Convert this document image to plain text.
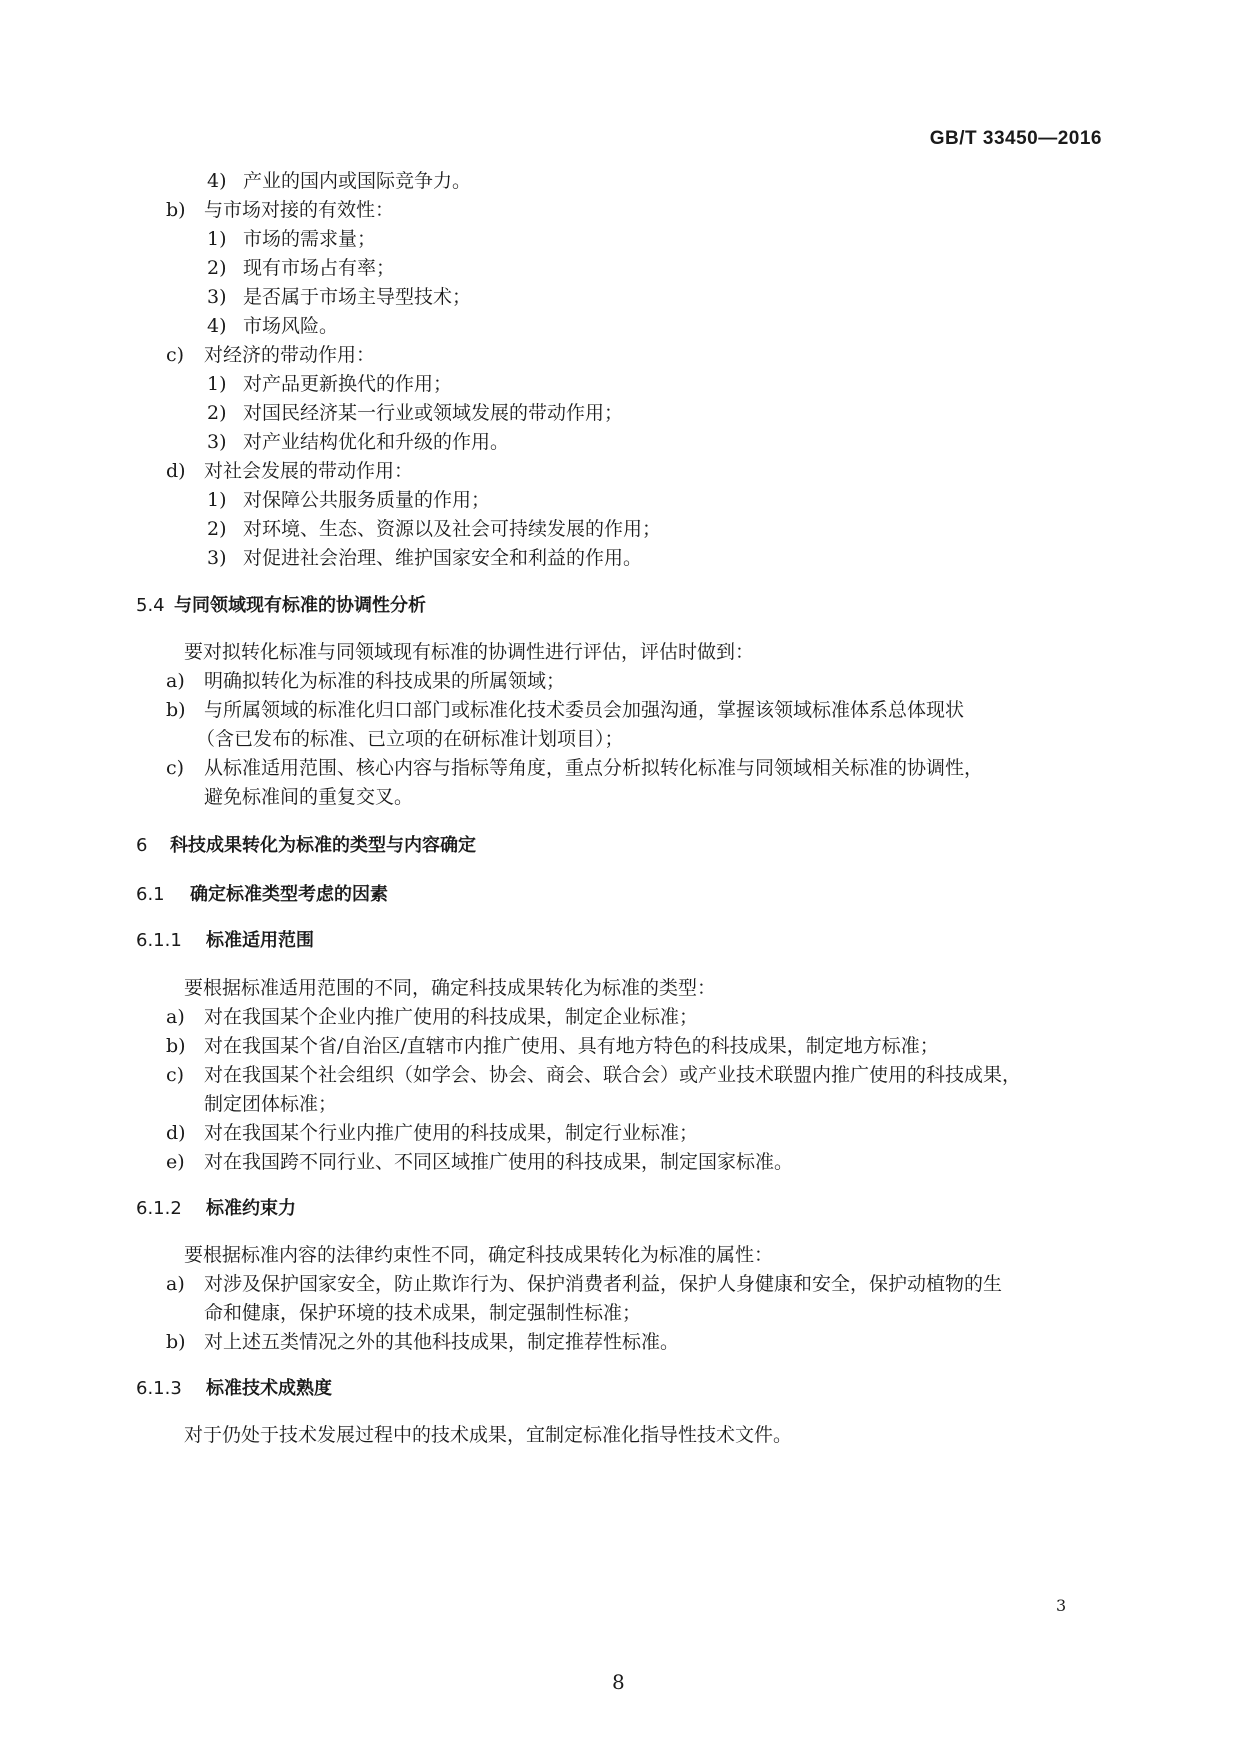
GB/T 33450—2016
4) 产业的国内或国际竞争力。
b) 与市场对接的有效性：
1) 市场的需求量；
2) 现有市场占有率；
3) 是否属于市场主导型技术；
4) 市场风险。
c) 对经济的带动作用：
1) 对产品更新换代的作用；
2) 对国民经济某一行业或领域发展的带动作用；
3) 对产业结构优化和升级的作用。
d) 对社会发展的带动作用：
1) 对保障公共服务质量的作用；
2) 对环境、生态、资源以及社会可持续发展的作用；
3) 对促进社会治理、维护国家安全和利益的作用。
5.4 与同领域现有标准的协调性分析
要对拟转化标准与同领域现有标准的协调性进行评估，评估时做到：
a) 明确拟转化为标准的科技成果的所属领域；
b) 与所属领域的标准化归口部门或标准化技术委员会加强沟通，掌握该领域标准体系总体现状
（含已发布的标准、已立项的在研标准计划项目）；
c) 从标准适用范围、核心内容与指标等角度，重点分析拟转化标准与同领域相关标准的协调性，
避免标准间的重复交叉。
6 科技成果转化为标准的类型与内容确定
6.1 确定标准类型考虑的因素
6.1.1 标准适用范围
要根据标准适用范围的不同，确定科技成果转化为标准的类型：
a) 对在我国某个企业内推广使用的科技成果，制定企业标准；
b) 对在我国某个省/自治区/直辖市内推广使用、具有地方特色的科技成果，制定地方标准；
c) 对在我国某个社会组织（如学会、协会、商会、联合会）或产业技术联盟内推广使用的科技成果，
制定团体标准；
d) 对在我国某个行业内推广使用的科技成果，制定行业标准；
e) 对在我国跨不同行业、不同区域推广使用的科技成果，制定国家标准。
6.1.2 标准约束力
要根据标准内容的法律约束性不同，确定科技成果转化为标准的属性：
a) 对涉及保护国家安全，防止欺诈行为、保护消费者利益，保护人身健康和安全，保护动植物的生
命和健康，保护环境的技术成果，制定强制性标准；
b) 对上述五类情况之外的其他科技成果，制定推荐性标准。
6.1.3 标准技术成熟度
对于仍处于技术发展过程中的技术成果，宜制定标准化指导性技术文件。
3
8
